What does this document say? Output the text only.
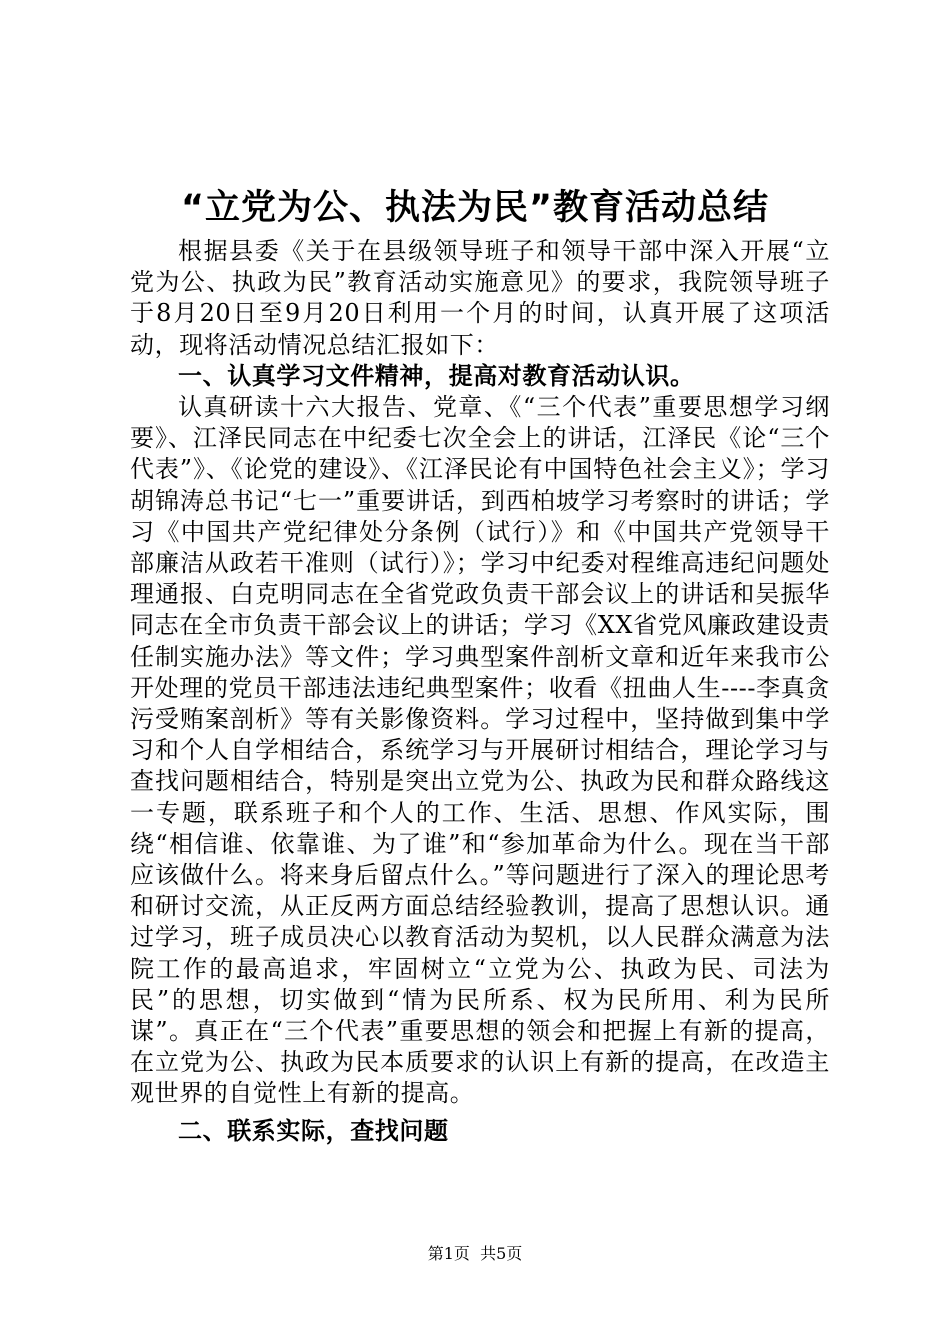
“立党为公、执法为民”教育活动总结

根据县委《关于在县级领导班子和领导干部中深入开展“立党为公、执政为民”教育活动实施意见》的要求，我院领导班子于8月20日至9月20日利用一个月的时间，认真开展了这项活动，现将活动情况总结汇报如下：

一、认真学习文件精神，提高对教育活动认识。

认真研读十六大报告、党章、《“三个代表”重要思想学习纲要》、江泽民同志在中纪委七次全会上的讲话，江泽民《论“三个代表”》、《论党的建设》、《江泽民论有中国特色社会主义》；学习胡锦涛总书记“七一”重要讲话，到西柏坡学习考察时的讲话；学习《中国共产党纪律处分条例（试行）》和《中国共产党领导干部廉洁从政若干准则（试行）》；学习中纪委对程维高违纪问题处理通报、白克明同志在全省党政负责干部会议上的讲话和吴振华同志在全市负责干部会议上的讲话；学习《XX省党风廉政建设责任制实施办法》等文件；学习典型案件剖析文章和近年来我市公开处理的党员干部违法违纪典型案件；收看《扭曲人生----李真贪污受贿案剖析》等有关影像资料。学习过程中，坚持做到集中学习和个人自学相结合，系统学习与开展研讨相结合，理论学习与查找问题相结合，特别是突出立党为公、执政为民和群众路线这一专题，联系班子和个人的工作、生活、思想、作风实际，围绕“相信谁、依靠谁、为了谁”和“参加革命为什么。现在当干部应该做什么。将来身后留点什么。”等问题进行了深入的理论思考和研讨交流，从正反两方面总结经验教训，提高了思想认识。通过学习，班子成员决心以教育活动为契机，以人民群众满意为法院工作的最高追求，牢固树立“立党为公、执政为民、司法为民”的思想，切实做到“情为民所系、权为民所用、利为民所谋”。真正在“三个代表”重要思想的领会和把握上有新的提高，在立党为公、执政为民本质要求的认识上有新的提高，在改造主观世界的自觉性上有新的提高。

二、联系实际，查找问题
第1页  共5页
